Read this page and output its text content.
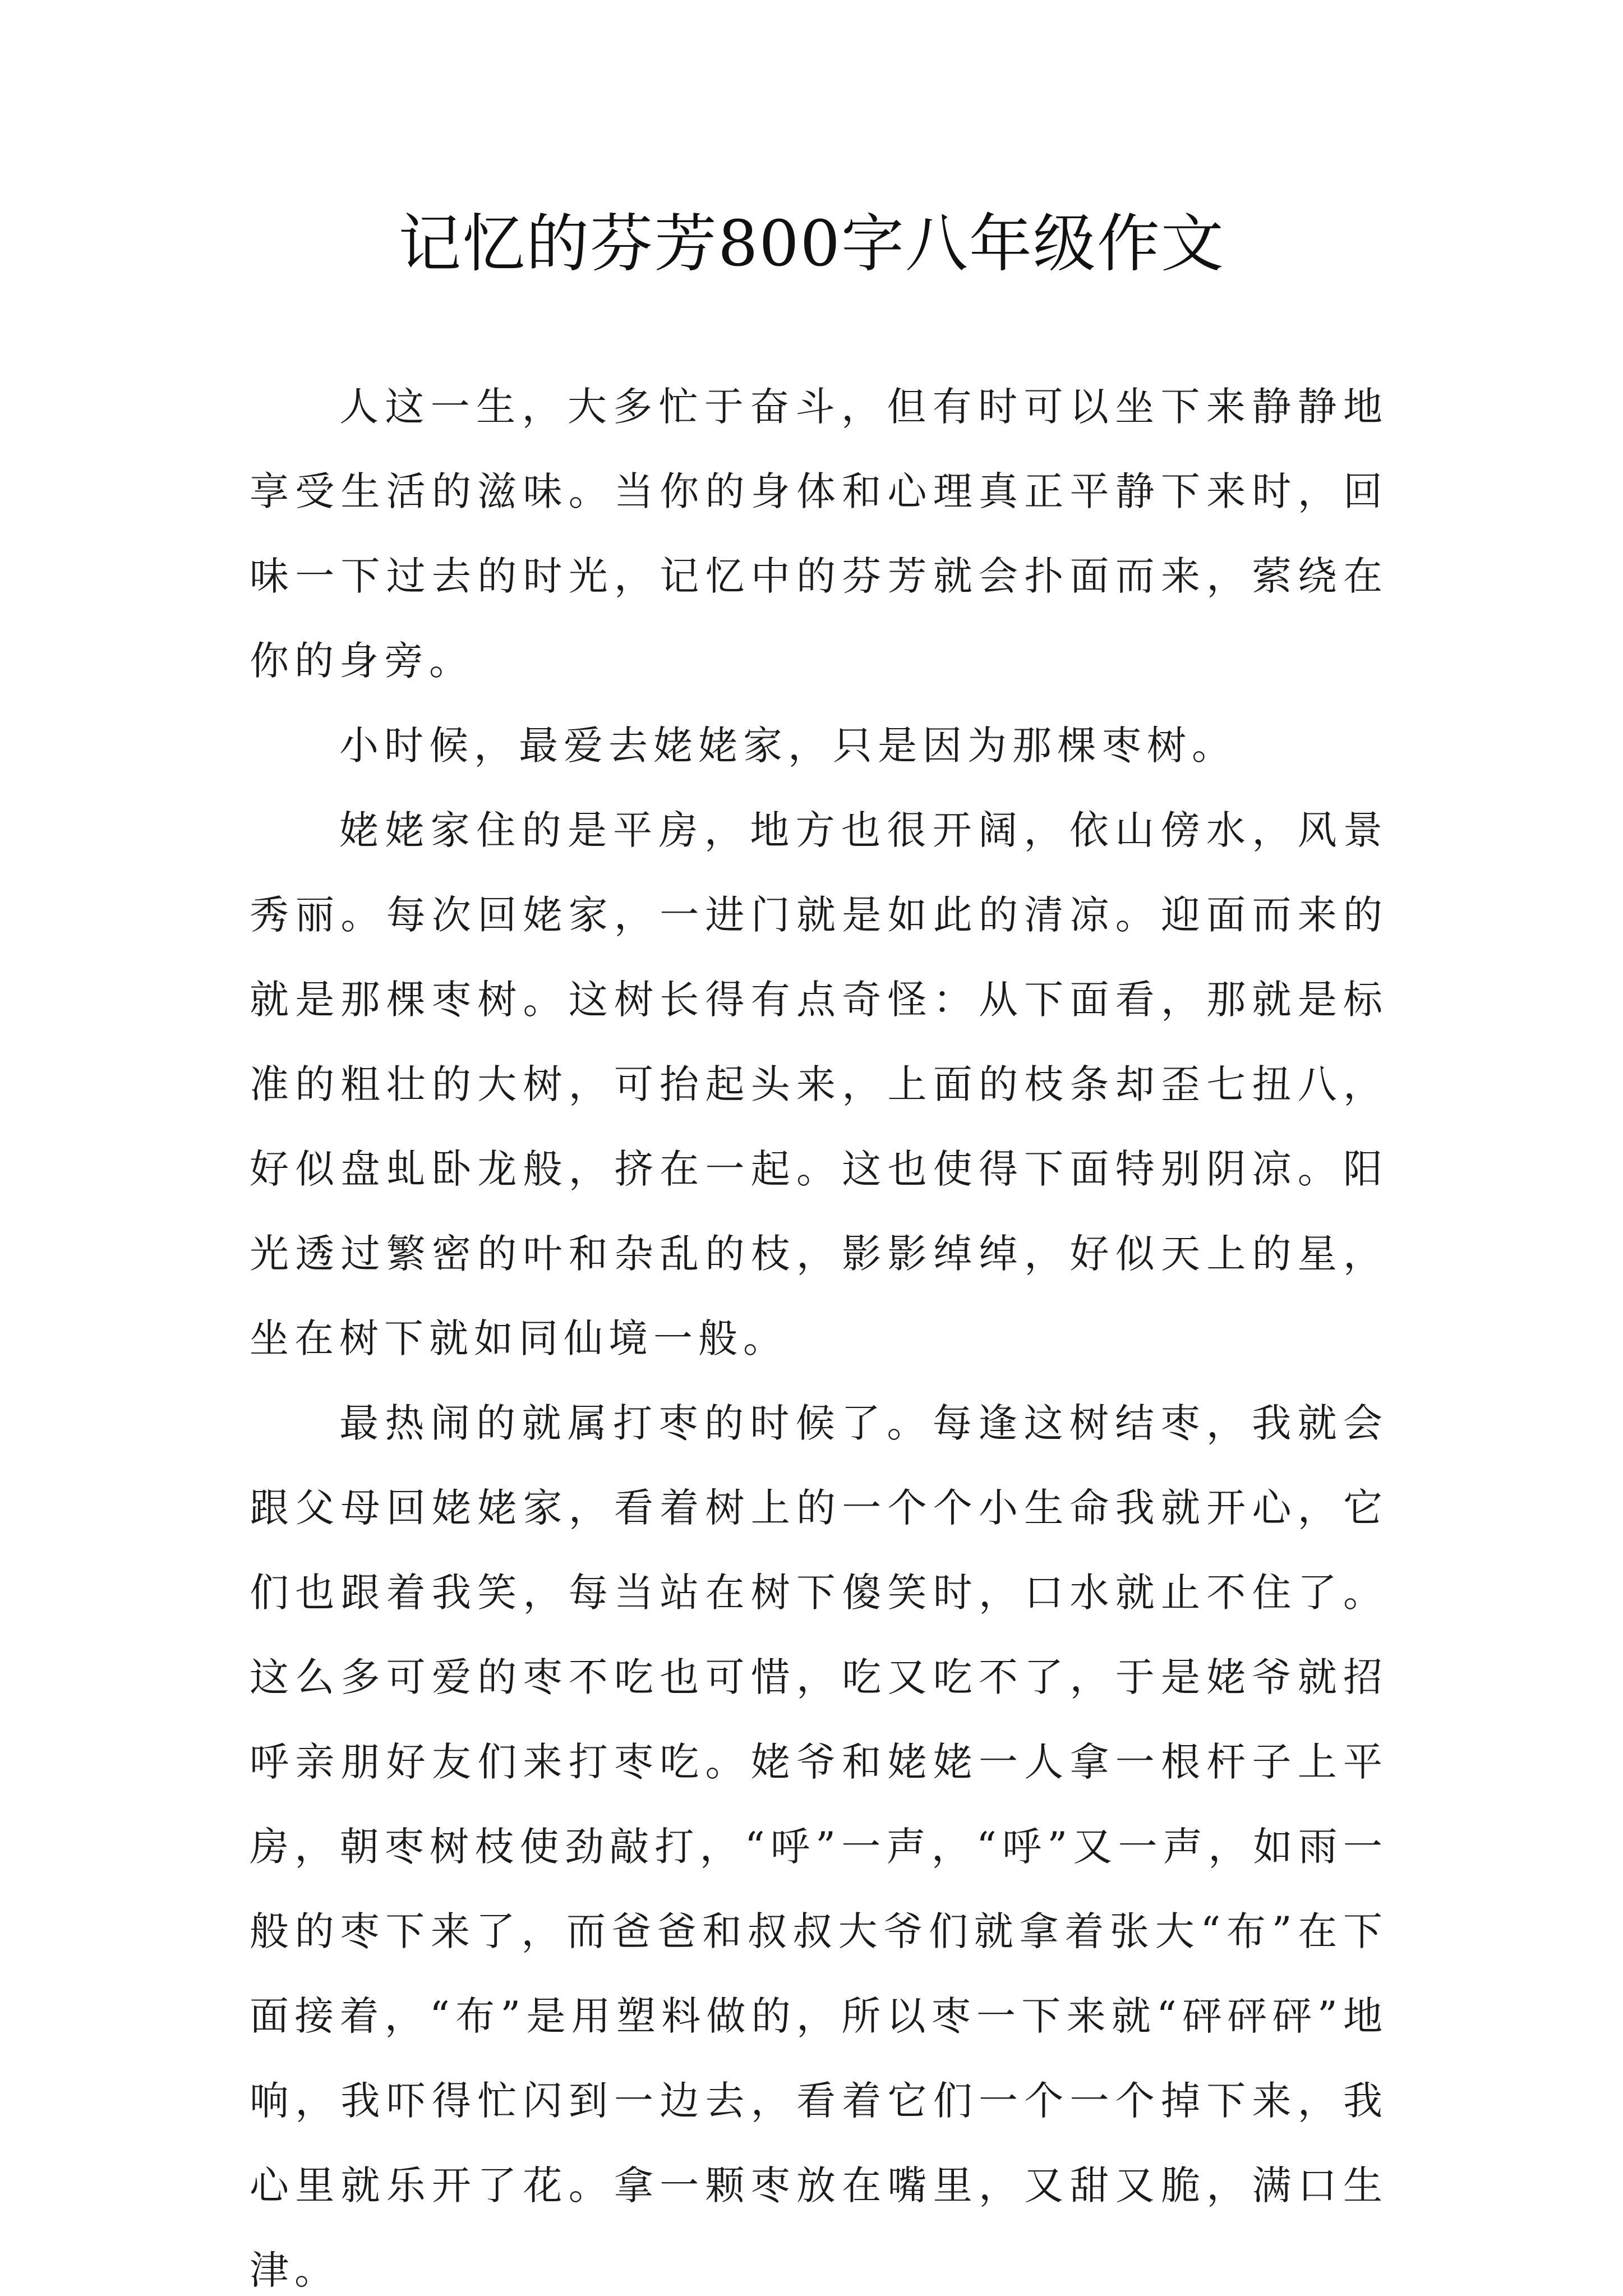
记忆的芬芳800字八年级作文

人这一生，大多忙于奋斗，但有时可以坐下来静静地享受生活的滋味。当你的身体和心理真正平静下来时，回味一下过去的时光，记忆中的芬芳就会扑面而来，萦绕在你的身旁。

小时候，最爱去姥姥家，只是因为那棵枣树。

姥姥家住的是平房，地方也很开阔，依山傍水，风景秀丽。每次回姥家，一进门就是如此的清凉。迎面而来的就是那棵枣树。这树长得有点奇怪：从下面看，那就是标准的粗壮的大树，可抬起头来，上面的枝条却歪七扭八，好似盘虬卧龙般，挤在一起。这也使得下面特别阴凉。阳光透过繁密的叶和杂乱的枝，影影绰绰，好似天上的星，坐在树下就如同仙境一般。

最热闹的就属打枣的时候了。每逢这树结枣，我就会跟父母回姥姥家，看着树上的一个个小生命我就开心，它们也跟着我笑，每当站在树下傻笑时，口水就止不住了。这么多可爱的枣不吃也可惜，吃又吃不了，于是姥爷就招呼亲朋好友们来打枣吃。姥爷和姥姥一人拿一根杆子上平房，朝枣树枝使劲敲打，“呼”一声，“呼”又一声，如雨一般的枣下来了，而爸爸和叔叔大爷们就拿着张大“布”在下面接着，“布”是用塑料做的，所以枣一下来就“砰砰砰”地响，我吓得忙闪到一边去，看着它们一个一个掉下来，我心里就乐开了花。拿一颗枣放在嘴里，又甜又脆，满口生津。
